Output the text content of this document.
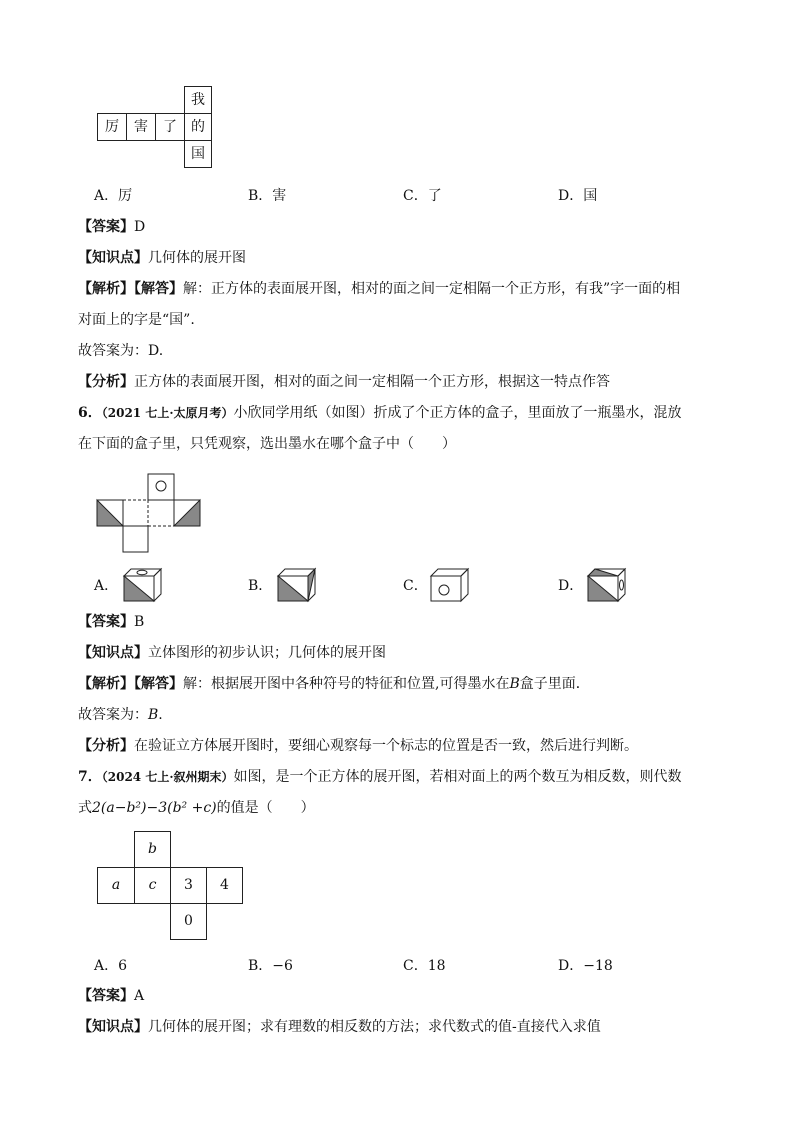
我
厉	害	了	的
国
A．厉	B．害	C．了	D．国
【答案】D
【知识点】几何体的展开图
【解析】【解答】解：正方体的表面展开图，相对的面之间一定相隔一个正方形，有我”字一面的相
对面上的字是“国”.
故答案为：D.
【分析】正方体的表面展开图，相对的面之间一定相隔一个正方形，根据这一特点作答
6．（2021 七上·太原月考）小欣同学用纸（如图）折成了个正方体的盒子，里面放了一瓶墨水，混放
在下面的盒子里，只凭观察，选出墨水在哪个盒子中（　　）
A．	B．	C．	D．
【答案】B
【知识点】立体图形的初步认识；几何体的展开图
【解析】【解答】解：根据展开图中各种符号的特征和位置,可得墨水在B盒子里面．
故答案为：B.
【分析】在验证立方体展开图时，要细心观察每一个标志的位置是否一致，然后进行判断。
7．（2024 七上·叙州期末）如图，是一个正方体的展开图，若相对面上的两个数互为相反数，则代数
式2(a−b²)−3(b² +c)的值是（　　）
b
a	c	3	4
0
A．6	B．−6	C．18	D．−18
【答案】A
【知识点】几何体的展开图；求有理数的相反数的方法；求代数式的值-直接代入求值
